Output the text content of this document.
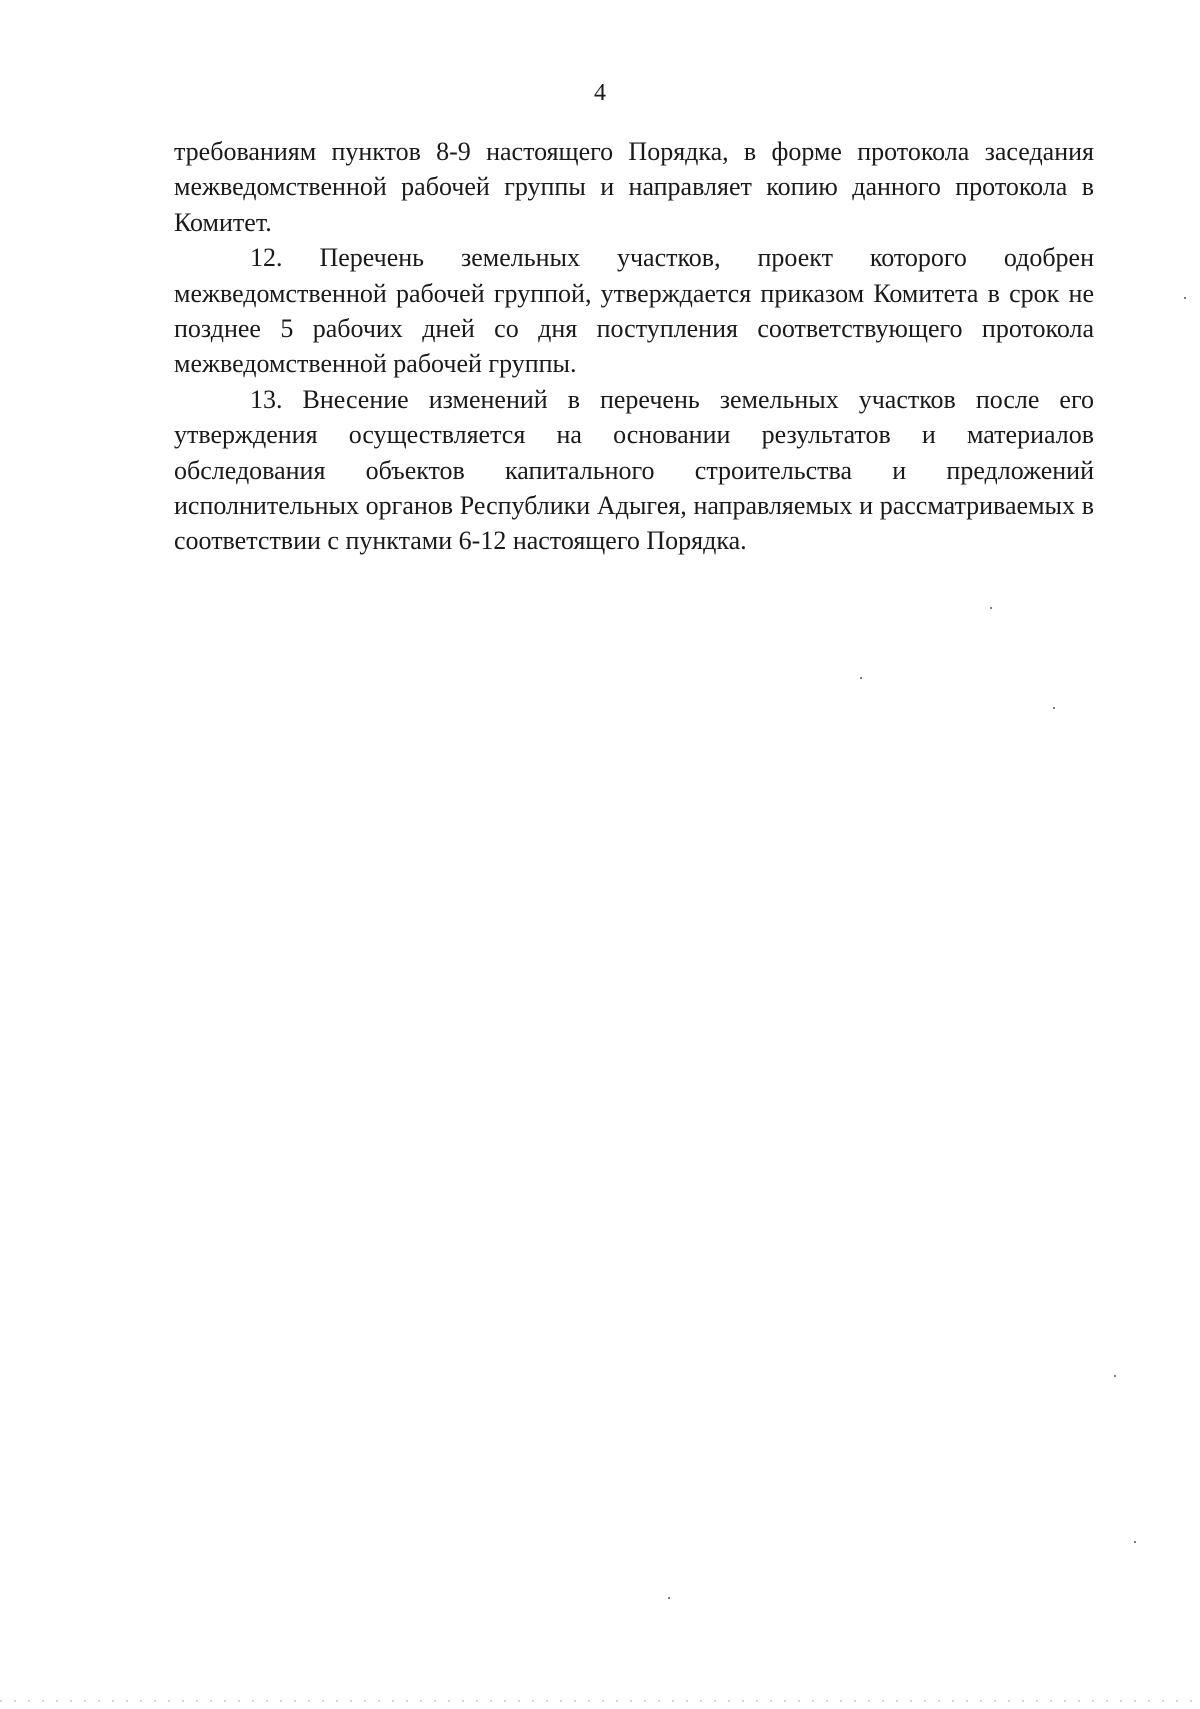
4

требованиям пунктов 8-9 настоящего Порядка, в форме протокола заседания межведомственной рабочей группы и направляет копию данного протокола в Комитет.

12. Перечень земельных участков, проект которого одобрен межведомственной рабочей группой, утверждается приказом Комитета в срок не позднее 5 рабочих дней со дня поступления соответствующего протокола межведомственной рабочей группы.

13. Внесение изменений в перечень земельных участков после его утверждения осуществляется на основании результатов и материалов обследования объектов капитального строительства и предложений исполнительных органов Республики Адыгея, направляемых и рассматриваемых в соответствии с пунктами 6-12 настоящего Порядка.
